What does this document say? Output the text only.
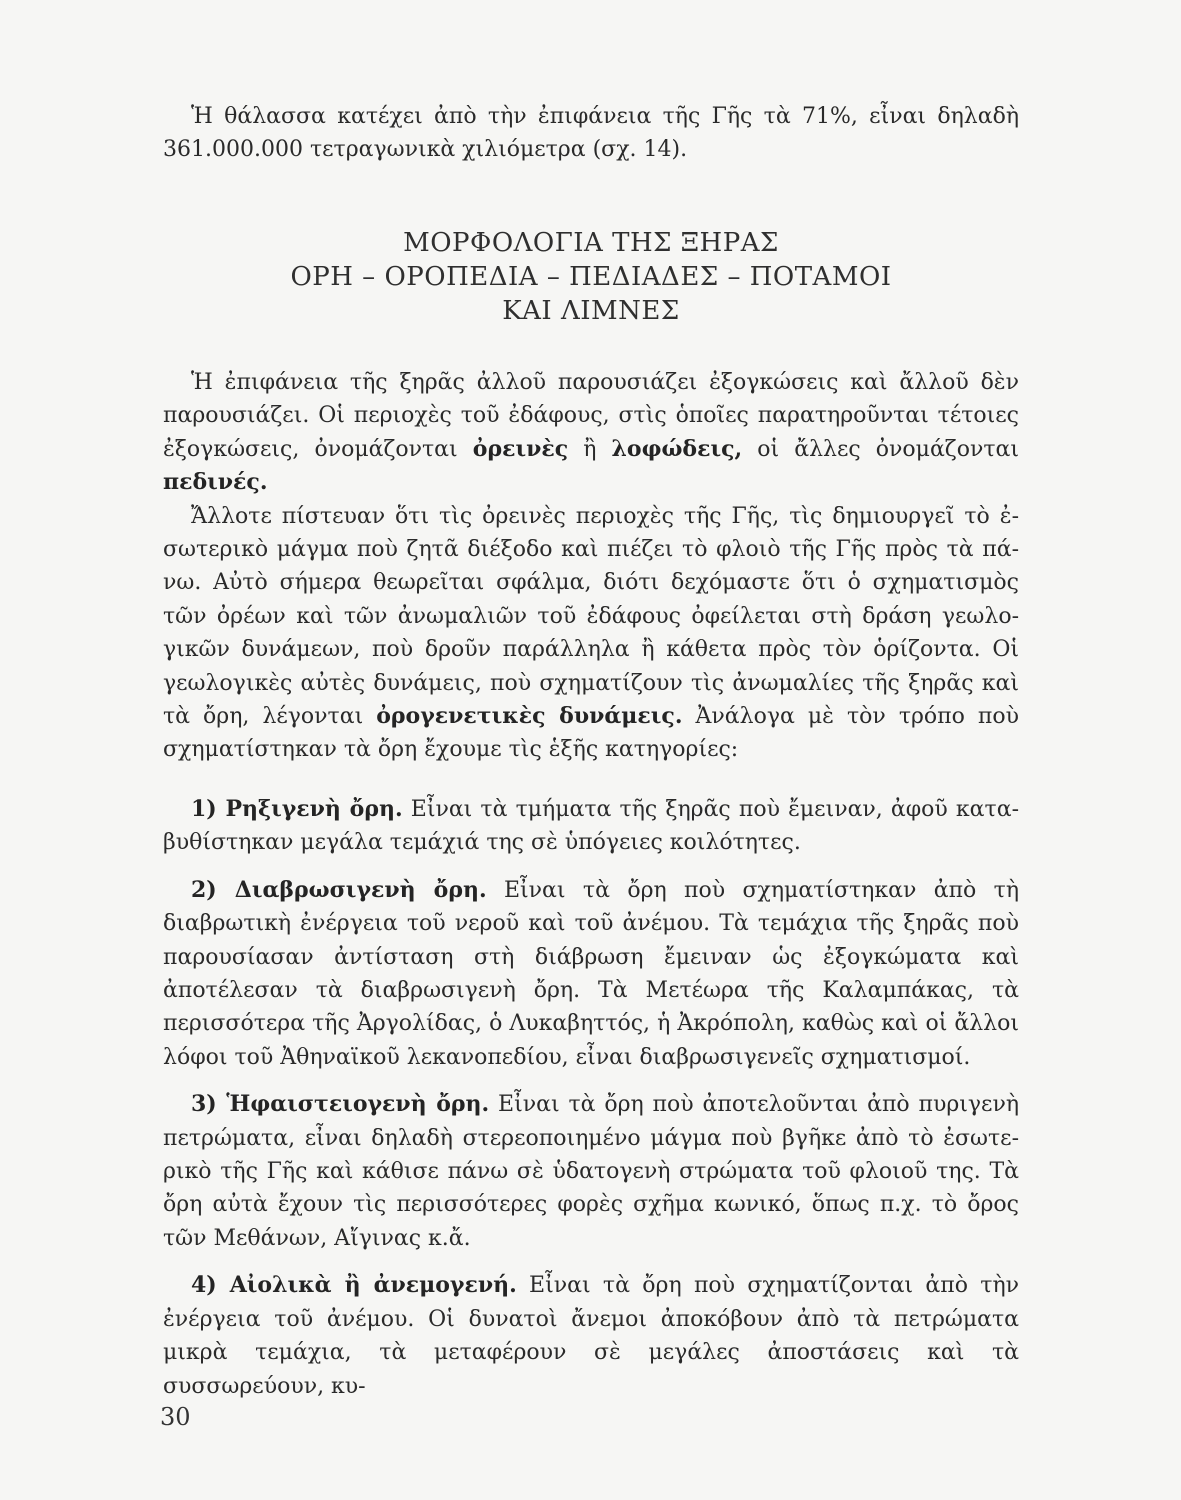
Ἡ θάλασσα κατέχει ἀπὸ τὴν ἐπιφάνεια τῆς Γῆς τὰ 71%, εἶναι δηλαδὴ 361.000.000 τετραγωνικὰ χιλιόμετρα (σχ. 14).

ΜΟΡΦΟΛΟΓΙΑ ΤΗΣ ΞΗΡΑΣ
ΟΡΗ – ΟΡΟΠΕΔΙΑ – ΠΕΔΙΑΔΕΣ – ΠΟΤΑΜΟΙ
ΚΑΙ ΛΙΜΝΕΣ

Ἡ ἐπιφάνεια τῆς ξηρᾶς ἀλλοῦ παρουσιάζει ἐξογκώσεις καὶ ἄλλοῦ δὲν παρουσιάζει. Οἱ περιοχὲς τοῦ ἐδάφους, στὶς ὁποῖες παρατηροῦνται τέτοιες ἐξογκώσεις, ὀνομάζονται ὀρεινὲς ἢ λοφώδεις, οἱ ἄλλες ὀνομάζονται πεδινές.

Ἄλλοτε πίστευαν ὅτι τὶς ὀρεινὲς περιοχὲς τῆς Γῆς, τὶς δημιουργεῖ τὸ ἐσωτερικὸ μάγμα ποὺ ζητᾶ διέξοδο καὶ πιέζει τὸ φλοιὸ τῆς Γῆς πρὸς τὰ πάνω. Αὐτὸ σήμερα θεωρεῖται σφάλμα, διότι δεχόμαστε ὅτι ὁ σχηματισμὸς τῶν ὀρέων καὶ τῶν ἀνωμαλιῶν τοῦ ἐδάφους ὀφείλεται στὴ δράση γεωλογικῶν δυνάμεων, ποὺ δροῦν παράλληλα ἢ κάθετα πρὸς τὸν ὁρίζοντα. Οἱ γεωλογικὲς αὐτὲς δυνάμεις, ποὺ σχηματίζουν τὶς ἀνωμαλίες τῆς ξηρᾶς καὶ τὰ ὄρη, λέγονται ὀρογενετικὲς δυνάμεις. Ἀνάλογα μὲ τὸν τρόπο ποὺ σχηματίστηκαν τὰ ὄρη ἔχουμε τὶς ἑξῆς κατηγορίες:

1) Ρηξιγενὴ ὄρη. Εἶναι τὰ τμήματα τῆς ξηρᾶς ποὺ ἔμειναν, ἀφοῦ καταβυθίστηκαν μεγάλα τεμάχιά της σὲ ὑπόγειες κοιλότητες.

2) Διαβρωσιγενὴ ὄρη. Εἶναι τὰ ὄρη ποὺ σχηματίστηκαν ἀπὸ τὴ διαβρωτικὴ ἐνέργεια τοῦ νεροῦ καὶ τοῦ ἀνέμου. Τὰ τεμάχια τῆς ξηρᾶς ποὺ παρουσίασαν ἀντίσταση στὴ διάβρωση ἔμειναν ὡς ἐξογκώματα καὶ ἀποτέλεσαν τὰ διαβρωσιγενὴ ὄρη. Τὰ Μετέωρα τῆς Καλαμπάκας, τὰ περισσότερα τῆς Ἀργολίδας, ὁ Λυκαβηττός, ἡ Ἀκρόπολη, καθὼς καὶ οἱ ἄλλοι λόφοι τοῦ Ἀθηναϊκοῦ λεκανοπεδίου, εἶναι διαβρωσιγενεῖς σχηματισμοί.

3) Ἡφαιστειογενὴ ὄρη. Εἶναι τὰ ὄρη ποὺ ἀποτελοῦνται ἀπὸ πυριγενὴ πετρώματα, εἶναι δηλαδὴ στερεοποιημένο μάγμα ποὺ βγῆκε ἀπὸ τὸ ἐσωτερικὸ τῆς Γῆς καὶ κάθισε πάνω σὲ ὑδατογενὴ στρώματα τοῦ φλοιοῦ της. Τὰ ὄρη αὐτὰ ἔχουν τὶς περισσότερες φορὲς σχῆμα κωνικό, ὅπως π.χ. τὸ ὄρος τῶν Μεθάνων, Αἴγινας κ.ἄ.

4) Αἰολικὰ ἢ ἀνεμογενή. Εἶναι τὰ ὄρη ποὺ σχηματίζονται ἀπὸ τὴν ἐνέργεια τοῦ ἀνέμου. Οἱ δυνατοὶ ἄνεμοι ἀποκόβουν ἀπὸ τὰ πετρώματα μικρὰ τεμάχια, τὰ μεταφέρουν σὲ μεγάλες ἀποστάσεις καὶ τὰ συσσωρεύουν, κυ-

30
